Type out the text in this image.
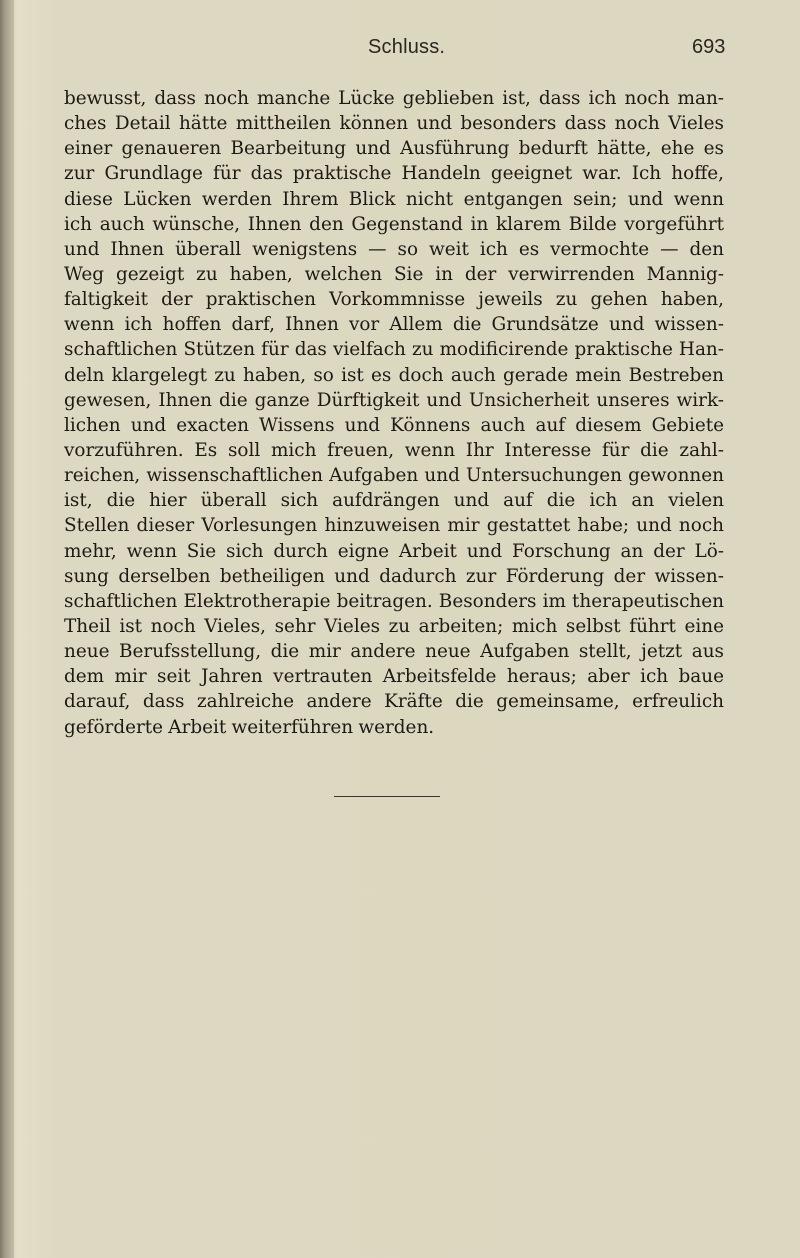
Schluss.	693
bewusst, dass noch manche Lücke geblieben ist, dass ich noch man-
ches Detail hätte mittheilen können und besonders dass noch Vieles
einer genaueren Bearbeitung und Ausführung bedurft hätte, ehe es
zur Grundlage für das praktische Handeln geeignet war. Ich hoffe,
diese Lücken werden Ihrem Blick nicht entgangen sein; und wenn
ich auch wünsche, Ihnen den Gegenstand in klarem Bilde vorgeführt
und Ihnen überall wenigstens — so weit ich es vermochte — den
Weg gezeigt zu haben, welchen Sie in der verwirrenden Mannig-
faltigkeit der praktischen Vorkommnisse jeweils zu gehen haben,
wenn ich hoffen darf, Ihnen vor Allem die Grundsätze und wissen-
schaftlichen Stützen für das vielfach zu modificirende praktische Han-
deln klargelegt zu haben, so ist es doch auch gerade mein Bestreben
gewesen, Ihnen die ganze Dürftigkeit und Unsicherheit unseres wirk-
lichen und exacten Wissens und Könnens auch auf diesem Gebiete
vorzuführen. Es soll mich freuen, wenn Ihr Interesse für die zahl-
reichen, wissenschaftlichen Aufgaben und Untersuchungen gewonnen
ist, die hier überall sich aufdrängen und auf die ich an vielen
Stellen dieser Vorlesungen hinzuweisen mir gestattet habe; und noch
mehr, wenn Sie sich durch eigne Arbeit und Forschung an der Lö-
sung derselben betheiligen und dadurch zur Förderung der wissen-
schaftlichen Elektrotherapie beitragen. Besonders im therapeutischen
Theil ist noch Vieles, sehr Vieles zu arbeiten; mich selbst führt eine
neue Berufsstellung, die mir andere neue Aufgaben stellt, jetzt aus
dem mir seit Jahren vertrauten Arbeitsfelde heraus; aber ich baue
darauf, dass zahlreiche andere Kräfte die gemeinsame, erfreulich
geförderte Arbeit weiterführen werden.
